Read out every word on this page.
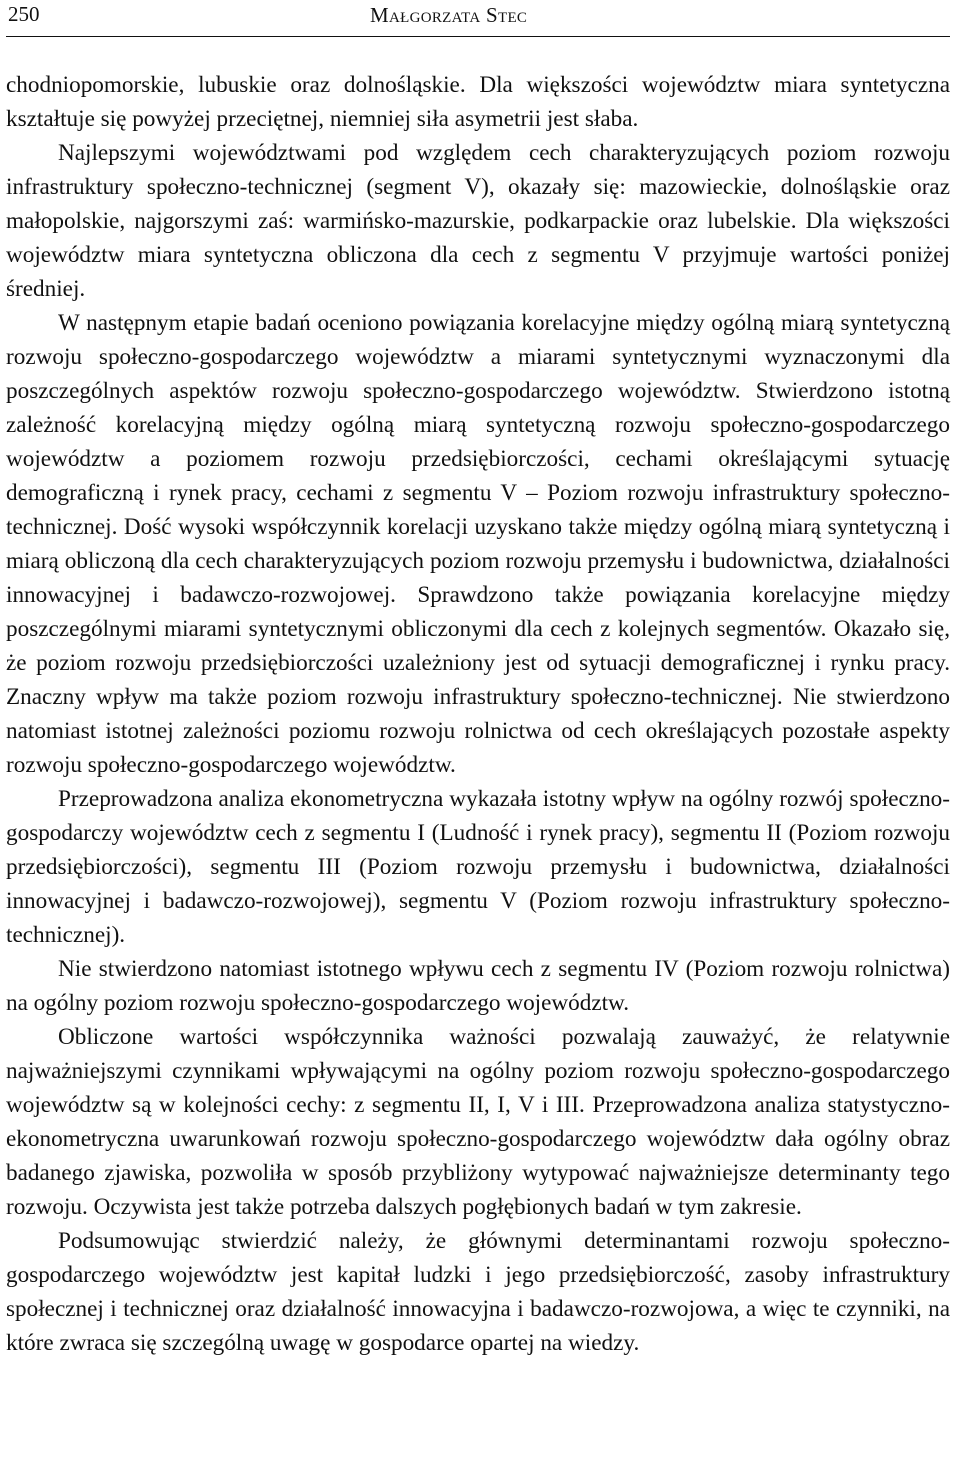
250	Małgorzata Stec

chodniopomorskie, lubuskie oraz dolnośląskie. Dla większości województw miara syntetyczna kształtuje się powyżej przeciętnej, niemniej siła asymetrii jest słaba.

Najlepszymi województwami pod względem cech charakteryzujących poziom rozwoju infrastruktury społeczno-technicznej (segment V), okazały się: mazowieckie, dolnośląskie oraz małopolskie, najgorszymi zaś: warmińsko-mazurskie, podkarpackie oraz lubelskie. Dla większości województw miara syntetyczna obliczona dla cech z segmentu V przyjmuje wartości poniżej średniej.

W następnym etapie badań oceniono powiązania korelacyjne między ogólną miarą syntetyczną rozwoju społeczno-gospodarczego województw a miarami syntetycznymi wyznaczonymi dla poszczególnych aspektów rozwoju społeczno-gospodarczego województw. Stwierdzono istotną zależność korelacyjną między ogólną miarą syntetyczną rozwoju społeczno-gospodarczego województw a poziomem rozwoju przedsiębiorczości, cechami określającymi sytuację demograficzną i rynek pracy, cechami z segmentu V – Poziom rozwoju infrastruktury społeczno-technicznej. Dość wysoki współczynnik korelacji uzyskano także między ogólną miarą syntetyczną i miarą obliczoną dla cech charakteryzujących poziom rozwoju przemysłu i budownictwa, działalności innowacyjnej i badawczo-rozwojowej. Sprawdzono także powiązania korelacyjne między poszczególnymi miarami syntetycznymi obliczonymi dla cech z kolejnych segmentów. Okazało się, że poziom rozwoju przedsiębiorczości uzależniony jest od sytuacji demograficznej i rynku pracy. Znaczny wpływ ma także poziom rozwoju infrastruktury społeczno-technicznej. Nie stwierdzono natomiast istotnej zależności poziomu rozwoju rolnictwa od cech określających pozostałe aspekty rozwoju społeczno-gospodarczego województw.

Przeprowadzona analiza ekonometryczna wykazała istotny wpływ na ogólny rozwój społeczno-gospodarczy województw cech z segmentu I (Ludność i rynek pracy), segmentu II (Poziom rozwoju przedsiębiorczości), segmentu III (Poziom rozwoju przemysłu i budownictwa, działalności innowacyjnej i badawczo-rozwojowej), segmentu V (Poziom rozwoju infrastruktury społeczno-technicznej).

Nie stwierdzono natomiast istotnego wpływu cech z segmentu IV (Poziom rozwoju rolnictwa) na ogólny poziom rozwoju społeczno-gospodarczego województw.

Obliczone wartości współczynnika ważności pozwalają zauważyć, że relatywnie najważniejszymi czynnikami wpływającymi na ogólny poziom rozwoju społeczno-gospodarczego województw są w kolejności cechy: z segmentu II, I, V i III. Przeprowadzona analiza statystyczno-ekonometryczna uwarunkowań rozwoju społeczno-gospodarczego województw dała ogólny obraz badanego zjawiska, pozwoliła w sposób przybliżony wytypować najważniejsze determinanty tego rozwoju. Oczywista jest także potrzeba dalszych pogłębionych badań w tym zakresie.

Podsumowując stwierdzić należy, że głównymi determinantami rozwoju społeczno-gospodarczego województw jest kapitał ludzki i jego przedsiębiorczość, zasoby infrastruktury społecznej i technicznej oraz działalność innowacyjna i badawczo-rozwojowa, a więc te czynniki, na które zwraca się szczególną uwagę w gospodarce opartej na wiedzy.
